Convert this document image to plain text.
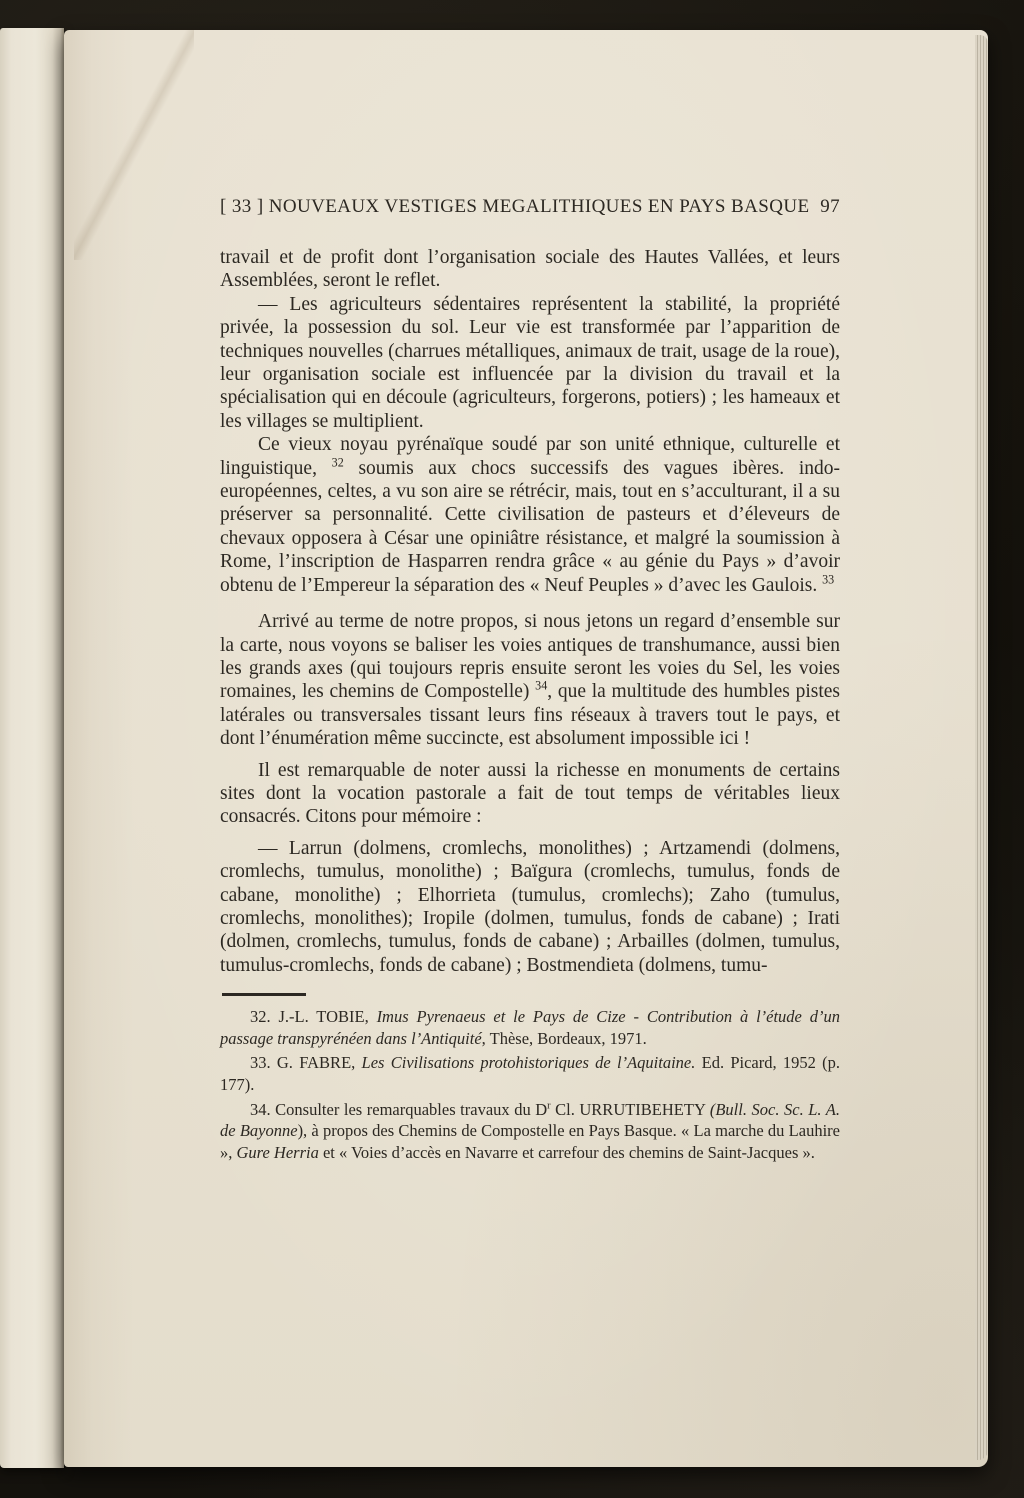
[ 33 ] NOUVEAUX VESTIGES MEGALITHIQUES EN PAYS BASQUE 97

travail et de profit dont l’organisation sociale des Hautes Vallées, et leurs Assemblées, seront le reflet.

— Les agriculteurs sédentaires représentent la stabilité, la propriété privée, la possession du sol. Leur vie est transformée par l’apparition de techniques nouvelles (charrues métalliques, animaux de trait, usage de la roue), leur organisation sociale est influencée par la division du travail et la spécialisation qui en découle (agriculteurs, forgerons, potiers) ; les hameaux et les villages se multiplient.

Ce vieux noyau pyrénaïque soudé par son unité ethnique, culturelle et linguistique, $^{32}$ soumis aux chocs successifs des vagues ibères. indo-européennes, celtes, a vu son aire se rétrécir, mais, tout en s’acculturant, il a su préserver sa personnalité. Cette civilisation de pasteurs et d’éleveurs de chevaux opposera à César une opiniâtre résistance, et malgré la soumission à Rome, l’inscription de Hasparren rendra grâce « au génie du Pays » d’avoir obtenu de l’Empereur la séparation des « Neuf Peuples » d’avec les Gaulois. $^{33}$

Arrivé au terme de notre propos, si nous jetons un regard d’ensemble sur la carte, nous voyons se baliser les voies antiques de transhumance, aussi bien les grands axes (qui toujours repris ensuite seront les voies du Sel, les voies romaines, les chemins de Compostelle) $^{34}$, que la multitude des humbles pistes latérales ou transversales tissant leurs fins réseaux à travers tout le pays, et dont l’énumération même succincte, est absolument impossible ici !

Il est remarquable de noter aussi la richesse en monuments de certains sites dont la vocation pastorale a fait de tout temps de véritables lieux consacrés. Citons pour mémoire :

— Larrun (dolmens, cromlechs, monolithes) ; Artzamendi (dolmens, cromlechs, tumulus, monolithe) ; Baïgura (cromlechs, tumulus, fonds de cabane, monolithe) ; Elhorrieta (tumulus, cromlechs); Zaho (tumulus, cromlechs, monolithes); Iropile (dolmen, tumulus, fonds de cabane) ; Irati (dolmen, cromlechs, tumulus, fonds de cabane) ; Arbailles (dolmen, tumulus, tumulus-cromlechs, fonds de cabane) ; Bostmendieta (dolmens, tumu-

32. J.-L. TOBIE, Imus Pyrenaeus et le Pays de Cize - Contribution à l’étude d’un passage transpyrénéen dans l’Antiquité, Thèse, Bordeaux, 1971.

33. G. FABRE, Les Civilisations protohistoriques de l’Aquitaine. Ed. Picard, 1952 (p. 177).

34. Consulter les remarquables travaux du $D^r$ Cl. URRUTIBEHETY (Bull. Soc. Sc. L. A. de Bayonne), à propos des Chemins de Compostelle en Pays Basque. « La marche du Lauhire », Gure Herria et « Voies d’accès en Navarre et carrefour des chemins de Saint-Jacques ».
